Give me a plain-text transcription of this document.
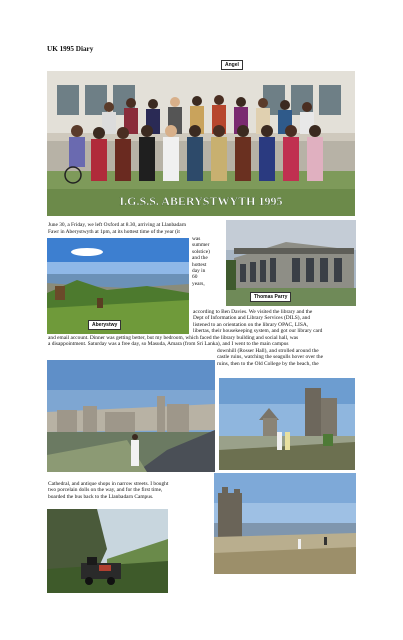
UK 1995 Diary
I.G.S.S. ABERYSTWYTH 1995
Angel
June 30, a Friday, we left Oxford at 8.30, arriving at Llanbadarn
Fawr in Aberystwyth at 1pm, at its hottest time of the year (it
Aberystwy
was
summer
solstice)
and the
hottest
day in
60
years,
Thomas Parry
according to Ben Davies. We visited the library and the
Dept of Information and Library Services (DILS), and
listened to an orientation on the library OPAC, LISA,
libertas, their housekeeping system, and got our library card
and email account. Dinner was getting better, but my bedroom, which faced the library building and social hall, was
a disappointment. Saturday was a free day, so Masuda, Amara (from Sri Lanka), and I went to the main campus
downhill (Rosser Hall), and strolled around the
castle ruins, watching the seagulls hover over the
ruins, then to the Old College by the beach, the
Cathedral, and antique shops in narrow streets. I bought
two porcelain dolls on the way, and for the first time,
boarded the bus back to the Llanbadarn Campus.
